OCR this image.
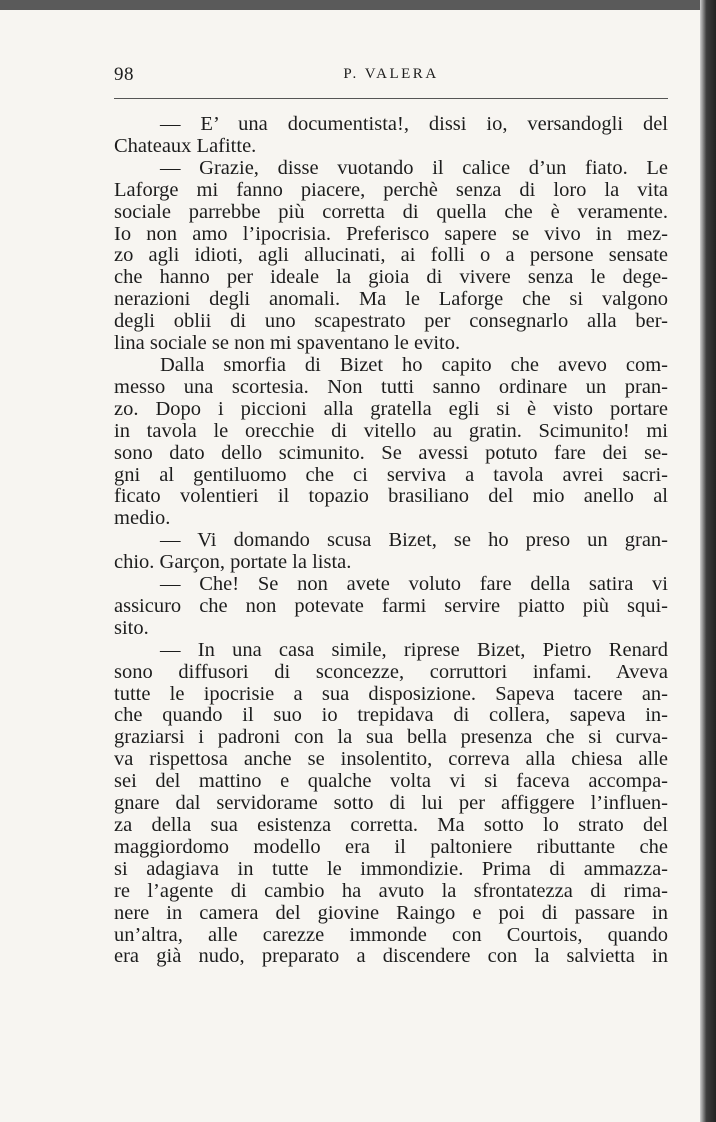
98	P. VALERA
— E’ una documentista!, dissi io, versandogli del
Chateaux Lafitte.
— Grazie, disse vuotando il calice d’un fiato. Le
Laforge mi fanno piacere, perchè senza di loro la vita
sociale parrebbe più corretta di quella che è veramente.
Io non amo l’ipocrisia. Preferisco sapere se vivo in mez-
zo agli idioti, agli allucinati, ai folli o a persone sensate
che hanno per ideale la gioia di vivere senza le dege-
nerazioni degli anomali. Ma le Laforge che si valgono
degli oblii di uno scapestrato per consegnarlo alla ber-
lina sociale se non mi spaventano le evito.
Dalla smorfia di Bizet ho capito che avevo com-
messo una scortesia. Non tutti sanno ordinare un pran-
zo. Dopo i piccioni alla gratella egli si è visto portare
in tavola le orecchie di vitello au gratin. Scimunito! mi
sono dato dello scimunito. Se avessi potuto fare dei se-
gni al gentiluomo che ci serviva a tavola avrei sacri-
ficato volentieri il topazio brasiliano del mio anello al
medio.
— Vi domando scusa Bizet, se ho preso un gran-
chio. Garçon, portate la lista.
— Che! Se non avete voluto fare della satira vi
assicuro che non potevate farmi servire piatto più squi-
sito.
— In una casa simile, riprese Bizet, Pietro Renard
sono diffusori di sconcezze, corruttori infami. Aveva
tutte le ipocrisie a sua disposizione. Sapeva tacere an-
che quando il suo io trepidava di collera, sapeva in-
graziarsi i padroni con la sua bella presenza che si curva-
va rispettosa anche se insolentito, correva alla chiesa alle
sei del mattino e qualche volta vi si faceva accompa-
gnare dal servidorame sotto di lui per affiggere l’influen-
za della sua esistenza corretta. Ma sotto lo strato del
maggiordomo modello era il paltoniere ributtante che
si adagiava in tutte le immondizie. Prima di ammazza-
re l’agente di cambio ha avuto la sfrontatezza di rima-
nere in camera del giovine Raingo e poi di passare in
un’altra, alle carezze immonde con Courtois, quando
era già nudo, preparato a discendere con la salvietta in
